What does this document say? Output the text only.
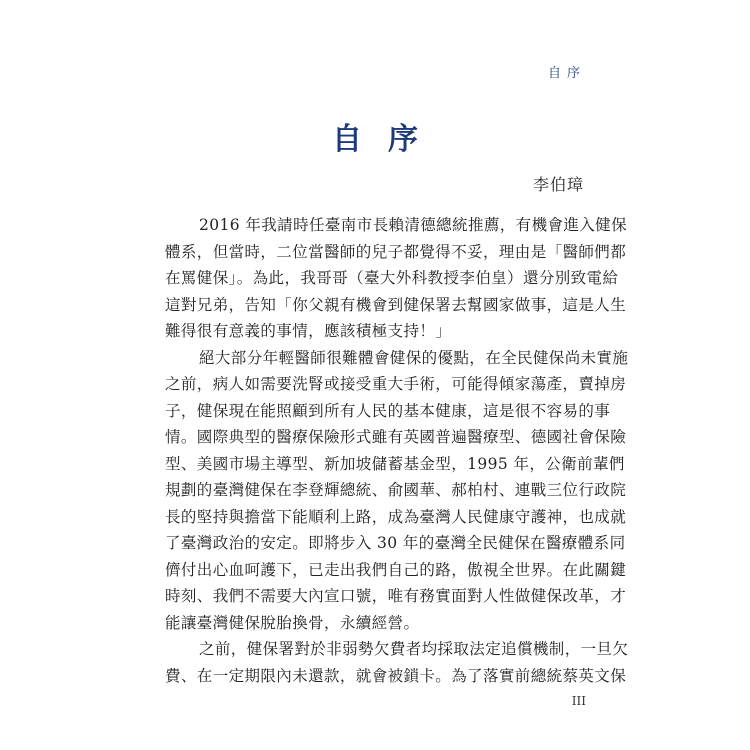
自序
自序
李伯璋
2016 年我請時任臺南市長賴清德總統推薦，有機會進入健保
體系，但當時，二位當醫師的兒子都覺得不妥，理由是「醫師們都
在罵健保」。為此，我哥哥（臺大外科教授李伯皇）還分別致電給
這對兄弟，告知「你父親有機會到健保署去幫國家做事，這是人生
難得很有意義的事情，應該積極支持！」
絕大部分年輕醫師很難體會健保的優點，在全民健保尚未實施
之前，病人如需要洗腎或接受重大手術，可能得傾家蕩產，賣掉房
子，健保現在能照顧到所有人民的基本健康，這是很不容易的事
情。國際典型的醫療保險形式雖有英國普遍醫療型、德國社會保險
型、美國市場主導型、新加坡儲蓄基金型，1995 年，公衛前輩們
規劃的臺灣健保在李登輝總統、俞國華、郝柏村、連戰三位行政院
長的堅持與擔當下能順利上路，成為臺灣人民健康守護神，也成就
了臺灣政治的安定。即將步入 30 年的臺灣全民健保在醫療體系同
儕付出心血呵護下，已走出我們自己的路，傲視全世界。在此關鍵
時刻、我們不需要大內宣口號，唯有務實面對人性做健保改革，才
能讓臺灣健保脫胎換骨，永續經營。
之前，健保署對於非弱勢欠費者均採取法定追償機制，一旦欠
費、在一定期限內未還款，就會被鎖卡。為了落實前總統蔡英文保
III
